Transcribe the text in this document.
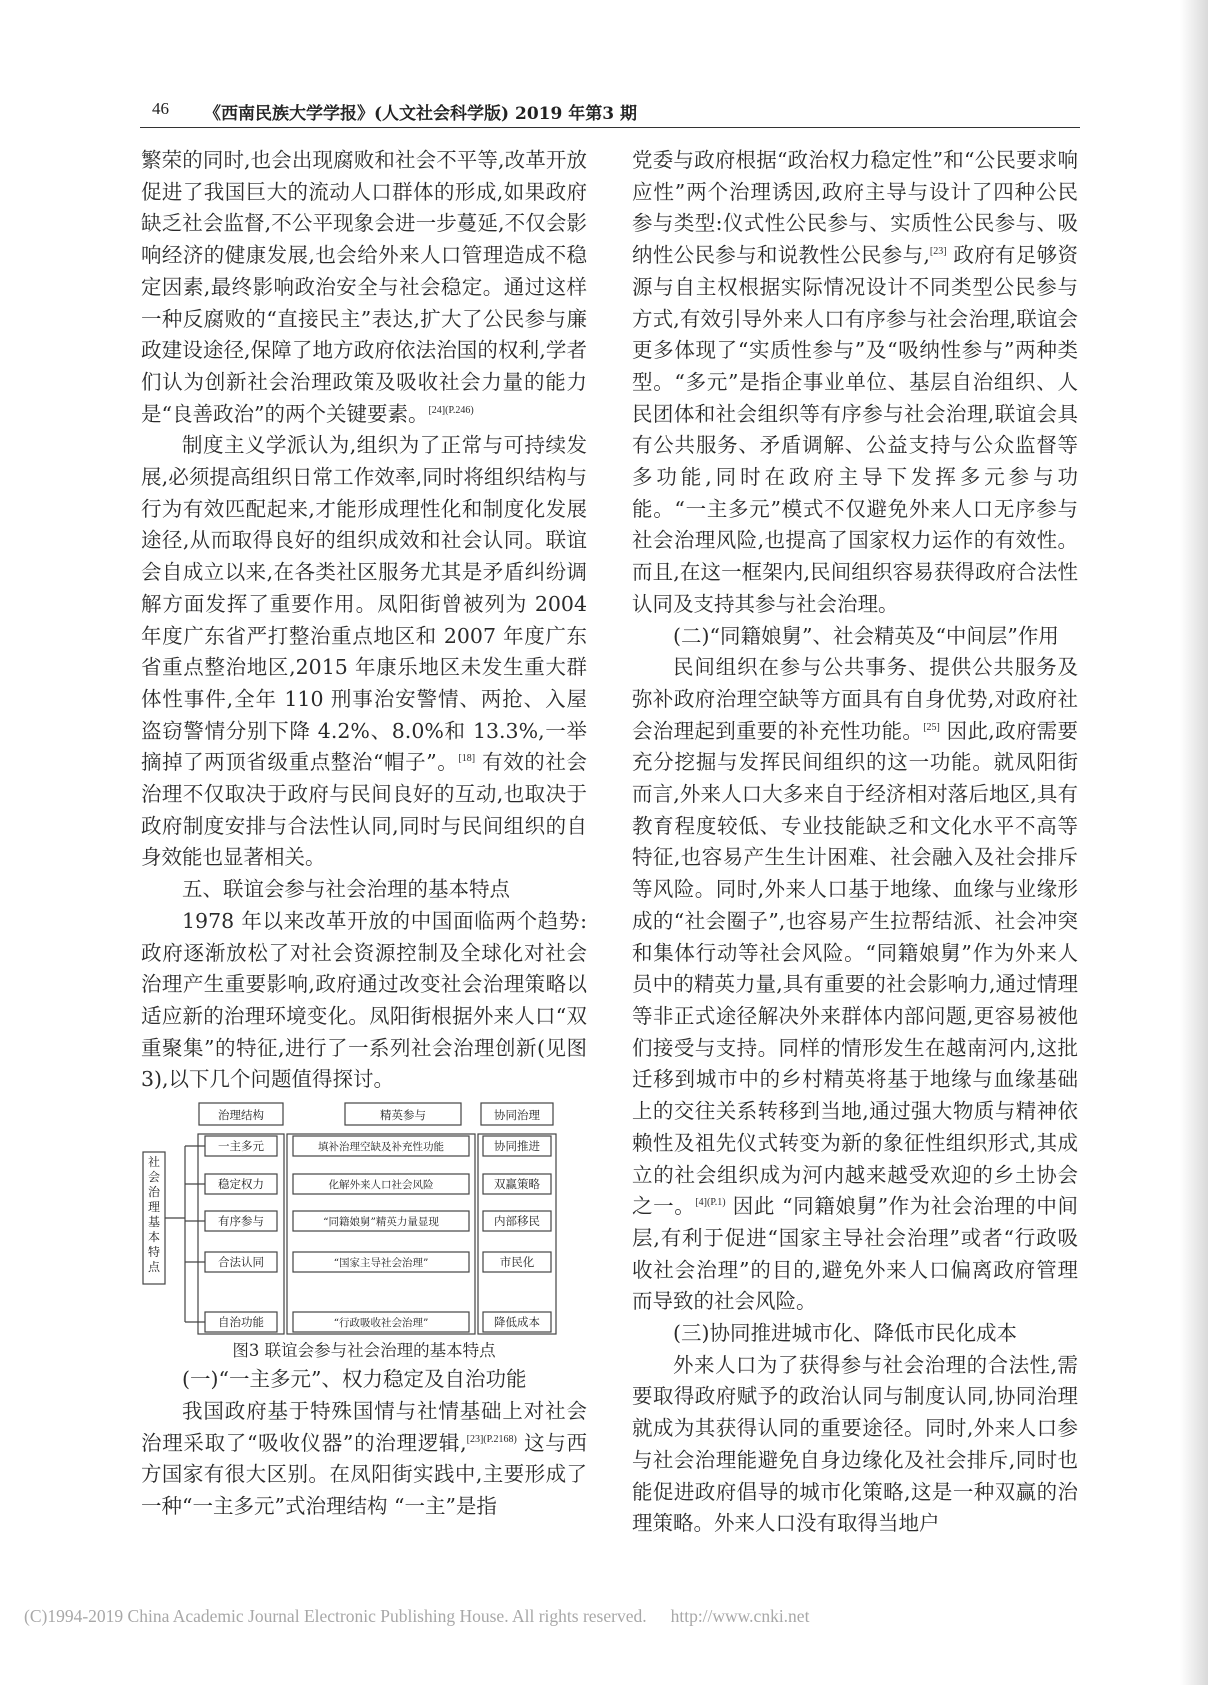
46 《西南民族大学学报》(人文社会科学版) 2019 年第3 期

繁荣的同时,也会出现腐败和社会不平等,改革开放促进了我国巨大的流动人口群体的形成,如果政府缺乏社会监督,不公平现象会进一步蔓延,不仅会影响经济的健康发展,也会给外来人口管理造成不稳定因素,最终影响政治安全与社会稳定。通过这样一种反腐败的“直接民主”表达,扩大了公民参与廉政建设途径,保障了地方政府依法治国的权利,学者们认为创新社会治理政策及吸收社会力量的能力是“良善政治”的两个关键要素。$^{[24](P.246)}$

制度主义学派认为,组织为了正常与可持续发展,必须提高组织日常工作效率,同时将组织结构与行为有效匹配起来,才能形成理性化和制度化发展途径,从而取得良好的组织成效和社会认同。联谊会自成立以来,在各类社区服务尤其是矛盾纠纷调解方面发挥了重要作用。凤阳街曾被列为 2004 年度广东省严打整治重点地区和 2007 年度广东省重点整治地区,2015 年康乐地区未发生重大群体性事件,全年 110 刑事治安警情、两抢、入屋盗窃警情分别下降 4.2%、8.0%和 13.3%,一举摘掉了两顶省级重点整治“帽子”。[18] 有效的社会治理不仅取决于政府与民间良好的互动,也取决于政府制度安排与合法性认同,同时与民间组织的自身效能也显著相关。

五、联谊会参与社会治理的基本特点

1978 年以来改革开放的中国面临两个趋势:政府逐渐放松了对社会资源控制及全球化对社会治理产生重要影响,政府通过改变社会治理策略以适应新的治理环境变化。凤阳街根据外来人口“双重聚集”的特征,进行了一系列社会治理创新(见图 3),以下几个问题值得探讨。

治理结构	精英参与	协同治理
一主多元
稳定权力
有序参与
合法认同
自治功能
填补治理空缺及补充性功能
化解外来人口社会风险
“同籍娘舅”精英力量显现
“国家主导社会治理”
“行政吸收社会治理”
协同推进
双赢策略
内部移民
市民化
降低成本
社会治理基本特点
图3 联谊会参与社会治理的基本特点

(一)“一主多元”、权力稳定及自治功能

我国政府基于特殊国情与社情基础上对社会治理采取了“吸收仪器”的治理逻辑,$^{[23](P.2168)}$ 这与西方国家有很大区别。在凤阳街实践中,主要形成了一种“一主多元”式治理结构 “一主”是指

党委与政府根据“政治权力稳定性”和“公民要求响应性”两个治理诱因,政府主导与设计了四种公民参与类型:仪式性公民参与、实质性公民参与、吸纳性公民参与和说教性公民参与,[23] 政府有足够资源与自主权根据实际情况设计不同类型公民参与方式,有效引导外来人口有序参与社会治理,联谊会更多体现了“实质性参与”及“吸纳性参与”两种类型。“多元”是指企事业单位、基层自治组织、人民团体和社会组织等有序参与社会治理,联谊会具有公共服务、矛盾调解、公益支持与公众监督等多功能,同时在政府主导下发挥多元参与功能。“一主多元”模式不仅避免外来人口无序参与社会治理风险,也提高了国家权力运作的有效性。而且,在这一框架内,民间组织容易获得政府合法性认同及支持其参与社会治理。

(二)“同籍娘舅”、社会精英及“中间层”作用

民间组织在参与公共事务、提供公共服务及弥补政府治理空缺等方面具有自身优势,对政府社会治理起到重要的补充性功能。[25] 因此,政府需要充分挖掘与发挥民间组织的这一功能。就凤阳街而言,外来人口大多来自于经济相对落后地区,具有教育程度较低、专业技能缺乏和文化水平不高等特征,也容易产生生计困难、社会融入及社会排斥等风险。同时,外来人口基于地缘、血缘与业缘形成的“社会圈子”,也容易产生拉帮结派、社会冲突和集体行动等社会风险。“同籍娘舅”作为外来人员中的精英力量,具有重要的社会影响力,通过情理等非正式途径解决外来群体内部问题,更容易被他们接受与支持。同样的情形发生在越南河内,这批迁移到城市中的乡村精英将基于地缘与血缘基础上的交往关系转移到当地,通过强大物质与精神依赖性及祖先仪式转变为新的象征性组织形式,其成立的社会组织成为河内越来越受欢迎的乡土协会之一。$^{[4](P.1)}$ 因此 “同籍娘舅”作为社会治理的中间层,有利于促进“国家主导社会治理”或者“行政吸收社会治理”的目的,避免外来人口偏离政府管理而导致的社会风险。

(三)协同推进城市化、降低市民化成本

外来人口为了获得参与社会治理的合法性,需要取得政府赋予的政治认同与制度认同,协同治理就成为其获得认同的重要途径。同时,外来人口参与社会治理能避免自身边缘化及社会排斥,同时也能促进政府倡导的城市化策略,这是一种双赢的治理策略。外来人口没有取得当地户

(C)1994-2019 China Academic Journal Electronic Publishing House. All rights reserved. http://www.cnki.net
